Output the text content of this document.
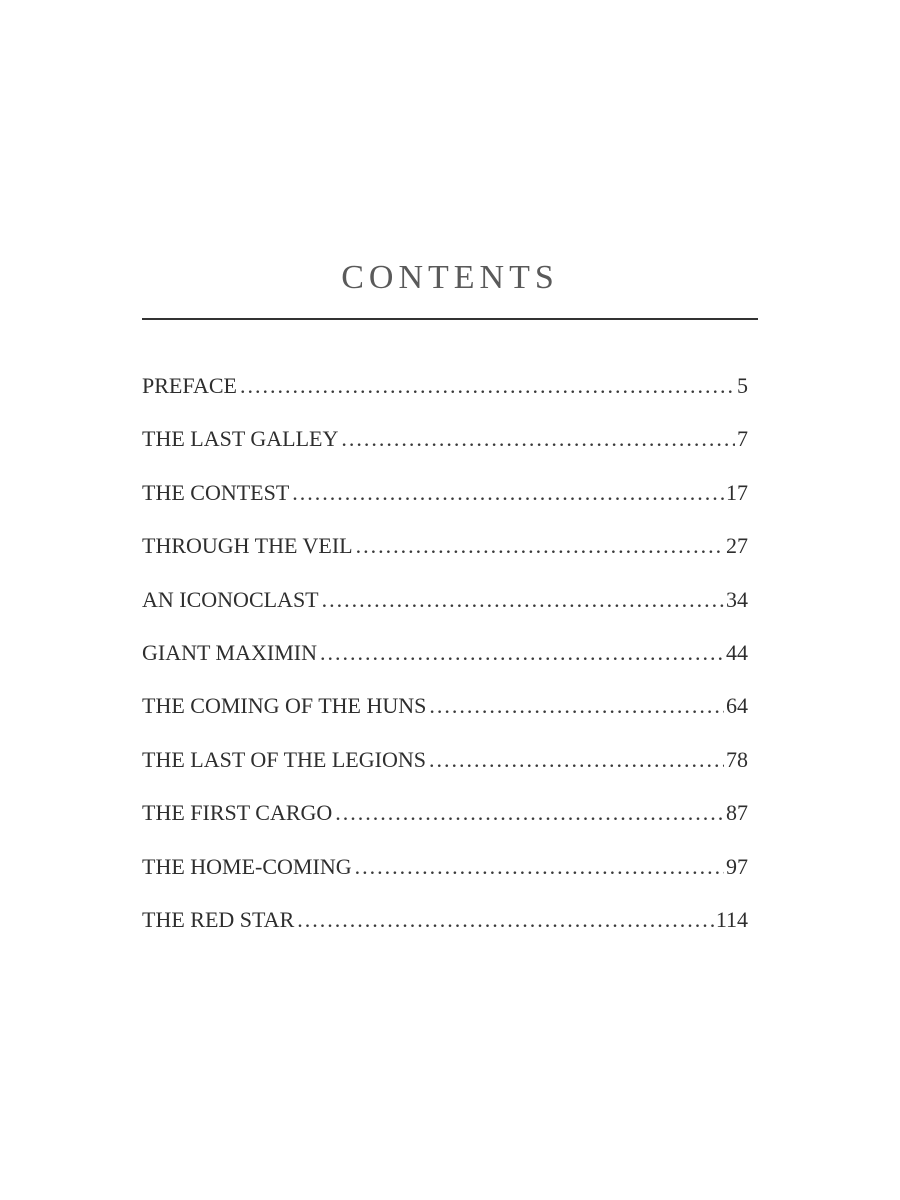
CONTENTS
PREFACE .....	5
THE LAST GALLEY .....	7
THE CONTEST .....	17
THROUGH THE VEIL .....	27
AN ICONOCLAST .....	34
GIANT MAXIMIN .....	44
THE COMING OF THE HUNS .....	64
THE LAST OF THE LEGIONS .....	78
THE FIRST CARGO .....	87
THE HOME-COMING .....	97
THE RED STAR .....	114
